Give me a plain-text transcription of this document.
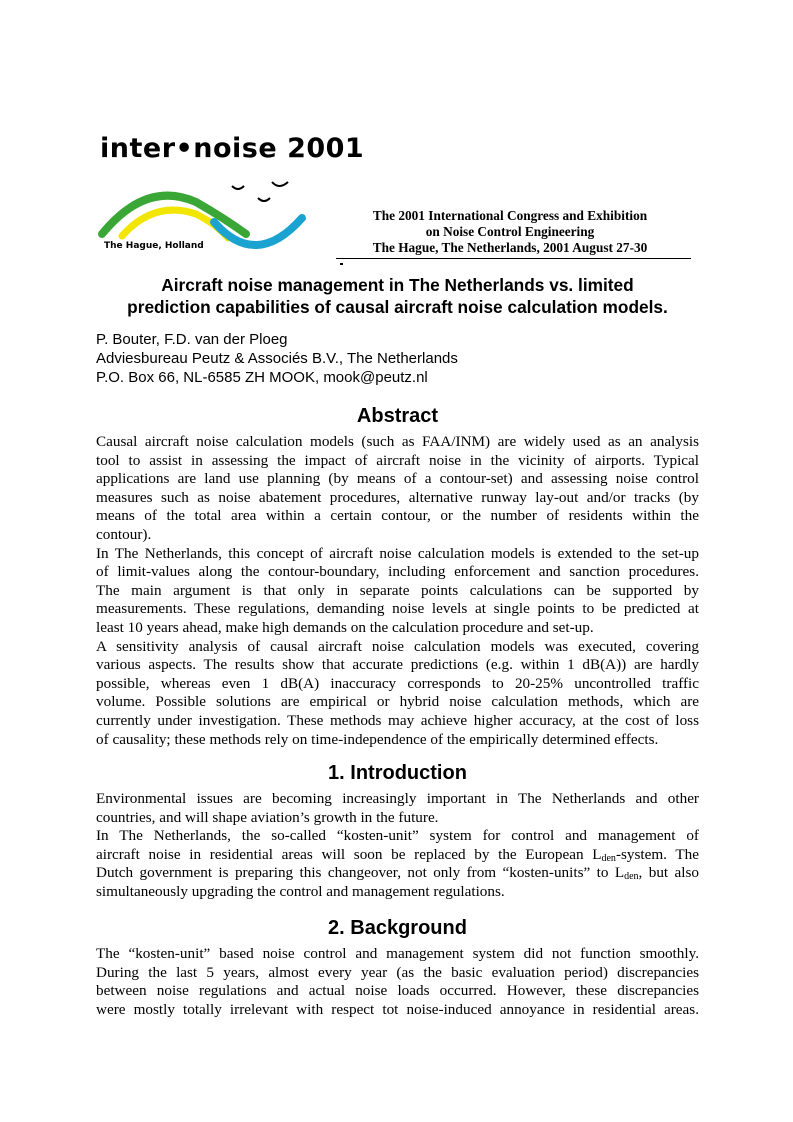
inter•noise 2001
The Hague, Holland
The 2001 International Congress and Exhibition
on Noise Control Engineering
The Hague, The Netherlands, 2001 August 27-30
Aircraft noise management in The Netherlands vs. limited
prediction capabilities of causal aircraft noise calculation models.
P. Bouter, F.D. van der Ploeg
Adviesbureau Peutz & Associés B.V., The Netherlands
P.O. Box 66, NL-6585 ZH MOOK, mook@peutz.nl
Abstract
Causal aircraft noise calculation models (such as FAA/INM) are widely used as an analysis
tool to assist in assessing the impact of aircraft noise in the vicinity of airports. Typical
applications are land use planning (by means of a contour-set) and assessing noise control
measures such as noise abatement procedures, alternative runway lay-out and/or tracks (by
means of the total area within a certain contour, or the number of residents within the
contour).
In The Netherlands, this concept of aircraft noise calculation models is extended to the set-up
of limit-values along the contour-boundary, including enforcement and sanction procedures.
The main argument is that only in separate points calculations can be supported by
measurements. These regulations, demanding noise levels at single points to be predicted at
least 10 years ahead, make high demands on the calculation procedure and set-up.
A sensitivity analysis of causal aircraft noise calculation models was executed, covering
various aspects. The results show that accurate predictions (e.g. within 1 dB(A)) are hardly
possible, whereas even 1 dB(A) inaccuracy corresponds to 20-25% uncontrolled traffic
volume. Possible solutions are empirical or hybrid noise calculation methods, which are
currently under investigation. These methods may achieve higher accuracy, at the cost of loss
of causality; these methods rely on time-independence of the empirically determined effects.
1. Introduction
Environmental issues are becoming increasingly important in The Netherlands and other
countries, and will shape aviation’s growth in the future.
In The Netherlands, the so-called “kosten-unit” system for control and management of
aircraft noise in residential areas will soon be replaced by the European $L_{den}$-system. The
Dutch government is preparing this changeover, not only from “kosten-units” to $L_{den}$, but also
simultaneously upgrading the control and management regulations.
2. Background
The “kosten-unit” based noise control and management system did not function smoothly.
During the last 5 years, almost every year (as the basic evaluation period) discrepancies
between noise regulations and actual noise loads occurred. However, these discrepancies
were mostly totally irrelevant with respect tot noise-induced annoyance in residential areas.
